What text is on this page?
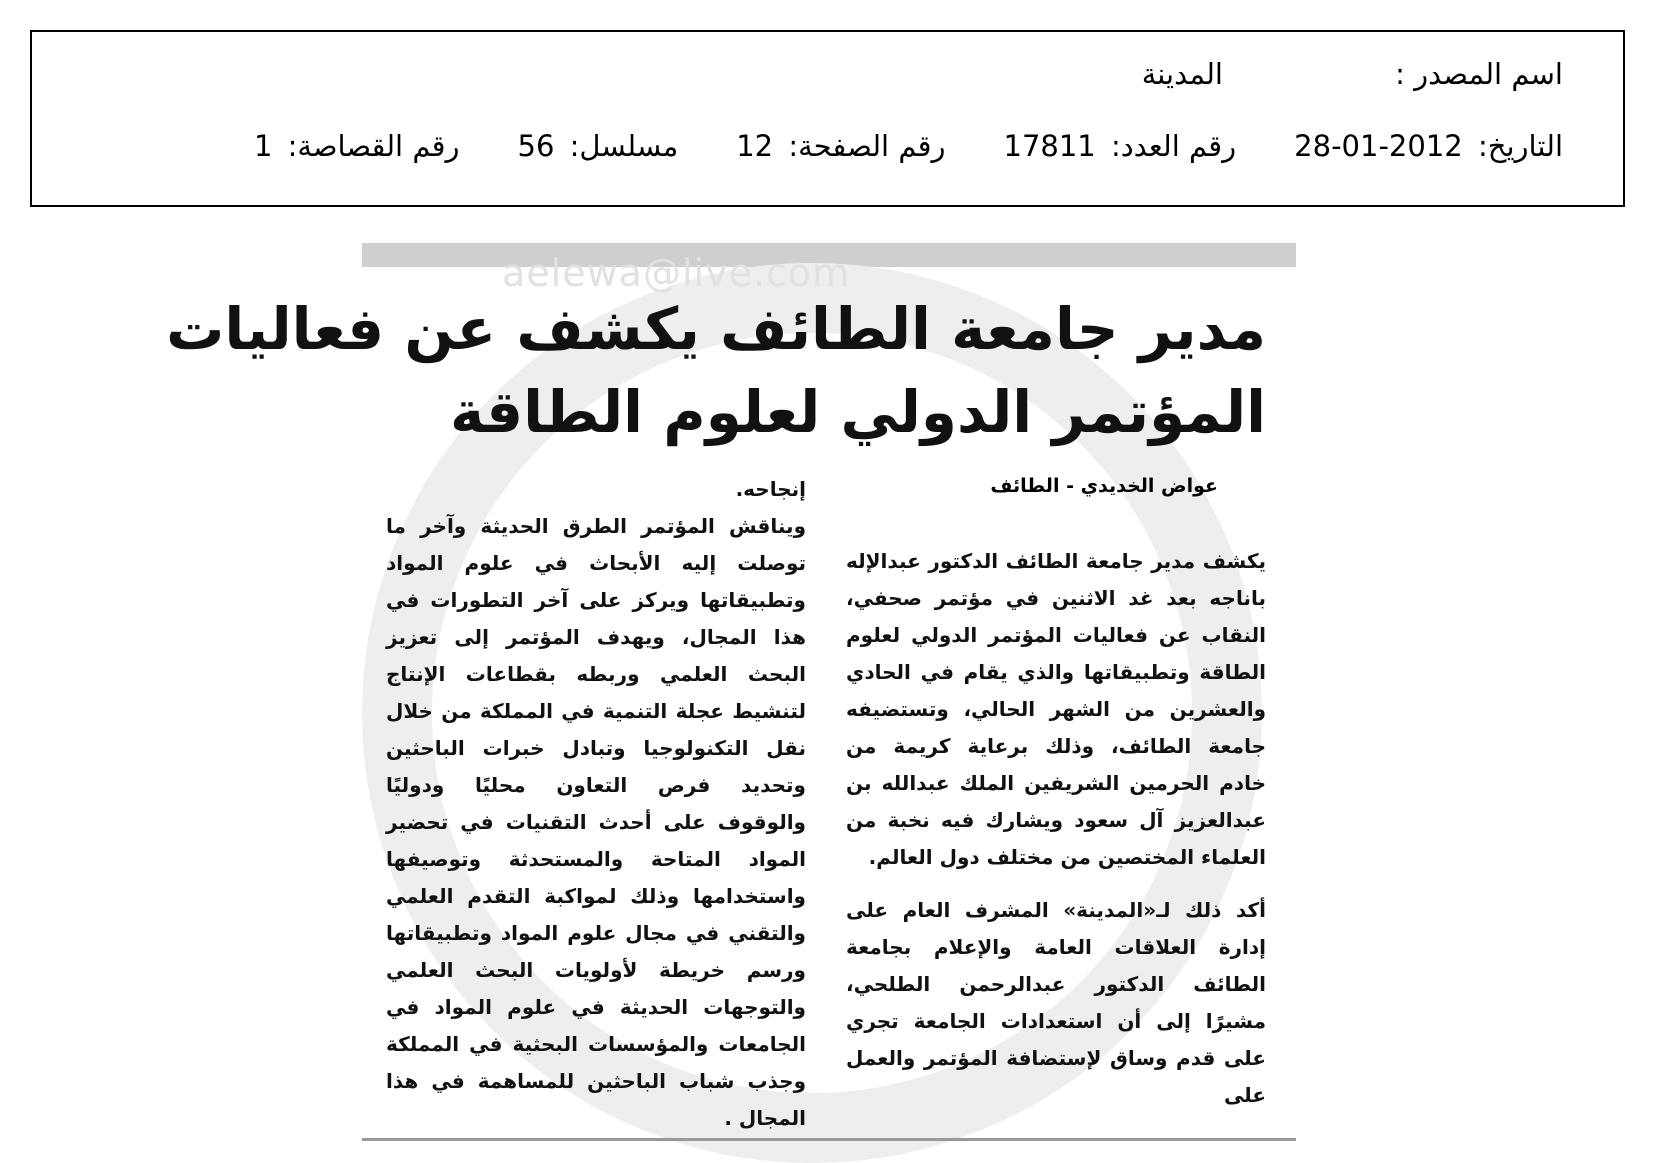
اسم المصدر :
المدينة
التاريخ: 2012-01-28
رقم العدد: 17811
رقم الصفحة: 12
مسلسل: 56
رقم القصاصة: 1
aelewa@live.com
مدير جامعة الطائف يكشف عن فعاليات
المؤتمر الدولي لعلوم الطاقة
عواض الخديدي - الطائف

يكشف مدير جامعة الطائف الدكتور عبدالإله باناجه بعد غد الاثنين في مؤتمر صحفي، النقاب عن فعاليات المؤتمر الدولي لعلوم الطاقة وتطبيقاتها والذي يقام في الحادي والعشرين من الشهر الحالي، وتستضيفه جامعة الطائف، وذلك برعاية كريمة من خادم الحرمين الشريفين الملك عبدالله بن عبدالعزيز آل سعود ويشارك فيه نخبة من العلماء المختصين من مختلف دول العالم.

أكد ذلك لـ«المدينة» المشرف العام على إدارة العلاقات العامة والإعلام بجامعة الطائف الدكتور عبدالرحمن الطلحي، مشيرًا إلى أن استعدادات الجامعة تجري على قدم وساق لإستضافة المؤتمر والعمل على

إنجاحه.

ويناقش المؤتمر الطرق الحديثة وآخر ما توصلت إليه الأبحاث في علوم المواد وتطبيقاتها ويركز على آخر التطورات في هذا المجال، ويهدف المؤتمر إلى تعزيز البحث العلمي وربطه بقطاعات الإنتاج لتنشيط عجلة التنمية في المملكة من خلال نقل التكنولوجيا وتبادل خبرات الباحثين وتحديد فرص التعاون محليًا ودوليًا والوقوف على أحدث التقنيات في تحضير المواد المتاحة والمستحدثة وتوصيفها واستخدامها وذلك لمواكبة التقدم العلمي والتقني في مجال علوم المواد وتطبيقاتها ورسم خريطة لأولويات البحث العلمي والتوجهات الحديثة في علوم المواد في الجامعات والمؤسسات البحثية في المملكة وجذب شباب الباحثين للمساهمة في هذا المجال .
